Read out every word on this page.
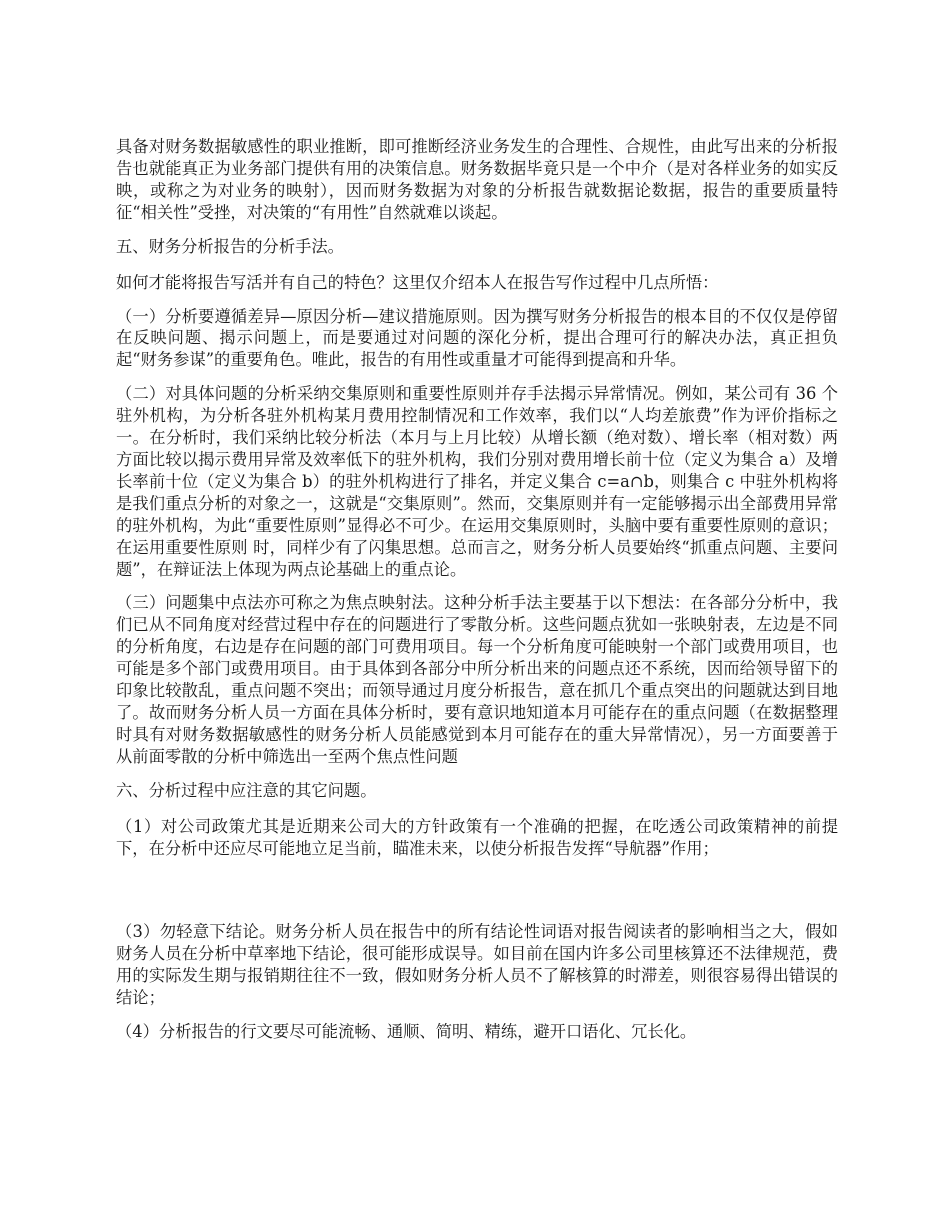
具备对财务数据敏感性的职业推断，即可推断经济业务发生的合理性、合规性，由此写出来的分析报告也就能真正为业务部门提供有用的决策信息。财务数据毕竟只是一个中介（是对各样业务的如实反映，或称之为对业务的映射），因而财务数据为对象的分析报告就数据论数据，报告的重要质量特征“相关性”受挫，对决策的“有用性”自然就难以谈起。

五、财务分析报告的分析手法。

如何才能将报告写活并有自己的特色？这里仅介绍本人在报告写作过程中几点所悟：

（一）分析要遵循差异—原因分析—建议措施原则。因为撰写财务分析报告的根本目的不仅仅是停留在反映问题、揭示问题上，而是要通过对问题的深化分析，提出合理可行的解决办法，真正担负起“财务参谋”的重要角色。唯此，报告的有用性或重量才可能得到提高和升华。

（二）对具体问题的分析采纳交集原则和重要性原则并存手法揭示异常情况。例如，某公司有 36 个驻外机构，为分析各驻外机构某月费用控制情况和工作效率，我们以“人均差旅费”作为评价指标之一。在分析时，我们采纳比较分析法（本月与上月比较）从增长额（绝对数）、增长率（相对数）两方面比较以揭示费用异常及效率低下的驻外机构，我们分别对费用增长前十位（定义为集合 a）及增长率前十位（定义为集合 b）的驻外机构进行了排名，并定义集合 c=a∩b，则集合 c 中驻外机构将是我们重点分析的对象之一，这就是“交集原则”。然而，交集原则并有一定能够揭示出全部费用异常的驻外机构，为此“重要性原则”显得必不可少。在运用交集原则时，头脑中要有重要性原则的意识；在运用重要性原则 时，同样少有了闪集思想。总而言之，财务分析人员要始终“抓重点问题、主要问题”，在辩证法上体现为两点论基础上的重点论。

（三）问题集中点法亦可称之为焦点映射法。这种分析手法主要基于以下想法：在各部分分析中，我们已从不同角度对经营过程中存在的问题进行了零散分析。这些问题点犹如一张映射表，左边是不同的分析角度，右边是存在问题的部门可费用项目。每一个分析角度可能映射一个部门或费用项目，也可能是多个部门或费用项目。由于具体到各部分中所分析出来的问题点还不系统，因而给领导留下的印象比较散乱，重点问题不突出；而领导通过月度分析报告，意在抓几个重点突出的问题就达到目地了。故而财务分析人员一方面在具体分析时，要有意识地知道本月可能存在的重点问题（在数据整理时具有对财务数据敏感性的财务分析人员能感觉到本月可能存在的重大异常情况），另一方面要善于从前面零散的分析中筛选出一至两个焦点性问题

六、分析过程中应注意的其它问题。

（1）对公司政策尤其是近期来公司大的方针政策有一个准确的把握，在吃透公司政策精神的前提下，在分析中还应尽可能地立足当前，瞄准未来，以使分析报告发挥“导航器”作用；

（3）勿轻意下结论。财务分析人员在报告中的所有结论性词语对报告阅读者的影响相当之大，假如财务人员在分析中草率地下结论，很可能形成误导。如目前在国内许多公司里核算还不法律规范，费用的实际发生期与报销期往往不一致，假如财务分析人员不了解核算的时滞差，则很容易得出错误的结论；

（4）分析报告的行文要尽可能流畅、通顺、简明、精练，避开口语化、冗长化。
